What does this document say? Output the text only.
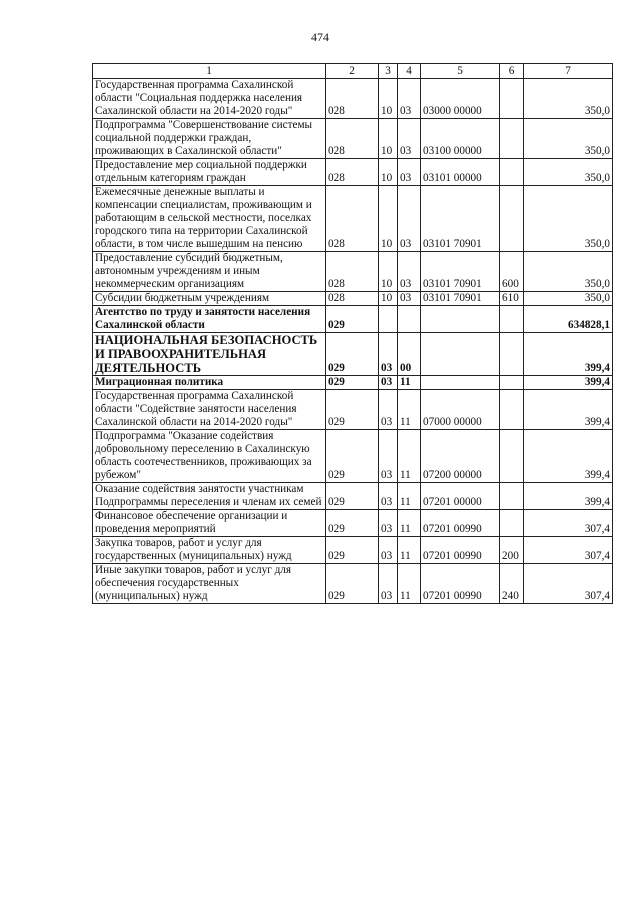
474
1	2	3	4	5	6	7
Государственная программа Сахалинской области "Социальная поддержка населения Сахалинской области на 2014-2020 годы"	028	10	03	03000 00000		350,0
Подпрограмма "Совершенствование системы социальной поддержки граждан, проживающих в Сахалинской области"	028	10	03	03100 00000		350,0
Предоставление мер социальной поддержки отдельным категориям граждан	028	10	03	03101 00000		350,0
Ежемесячные денежные выплаты и компенсации специалистам, проживающим и работающим в сельской местности, поселках городского типа на территории Сахалинской области, в том числе вышедшим на пенсию	028	10	03	03101 70901		350,0
Предоставление субсидий бюджетным, автономным учреждениям и иным некоммерческим организациям	028	10	03	03101 70901	600	350,0
Субсидии бюджетным учреждениям	028	10	03	03101 70901	610	350,0
Агентство по труду и занятости населения Сахалинской области	029					634828,1
НАЦИОНАЛЬНАЯ БЕЗОПАСНОСТЬ И ПРАВООХРАНИТЕЛЬНАЯ ДЕЯТЕЛЬНОСТЬ	029	03	00			399,4
Миграционная политика	029	03	11			399,4
Государственная программа Сахалинской области "Содействие занятости населения Сахалинской области на 2014-2020 годы"	029	03	11	07000 00000		399,4
Подпрограмма "Оказание содействия добровольному переселению в Сахалинскую область соотечественников, проживающих за рубежом"	029	03	11	07200 00000		399,4
Оказание содействия занятости участникам Подпрограммы переселения и членам их семей	029	03	11	07201 00000		399,4
Финансовое обеспечение организации и проведения мероприятий	029	03	11	07201 00990		307,4
Закупка товаров, работ и услуг для государственных (муниципальных) нужд	029	03	11	07201 00990	200	307,4
Иные закупки товаров, работ и услуг для обеспечения государственных (муниципальных) нужд	029	03	11	07201 00990	240	307,4
